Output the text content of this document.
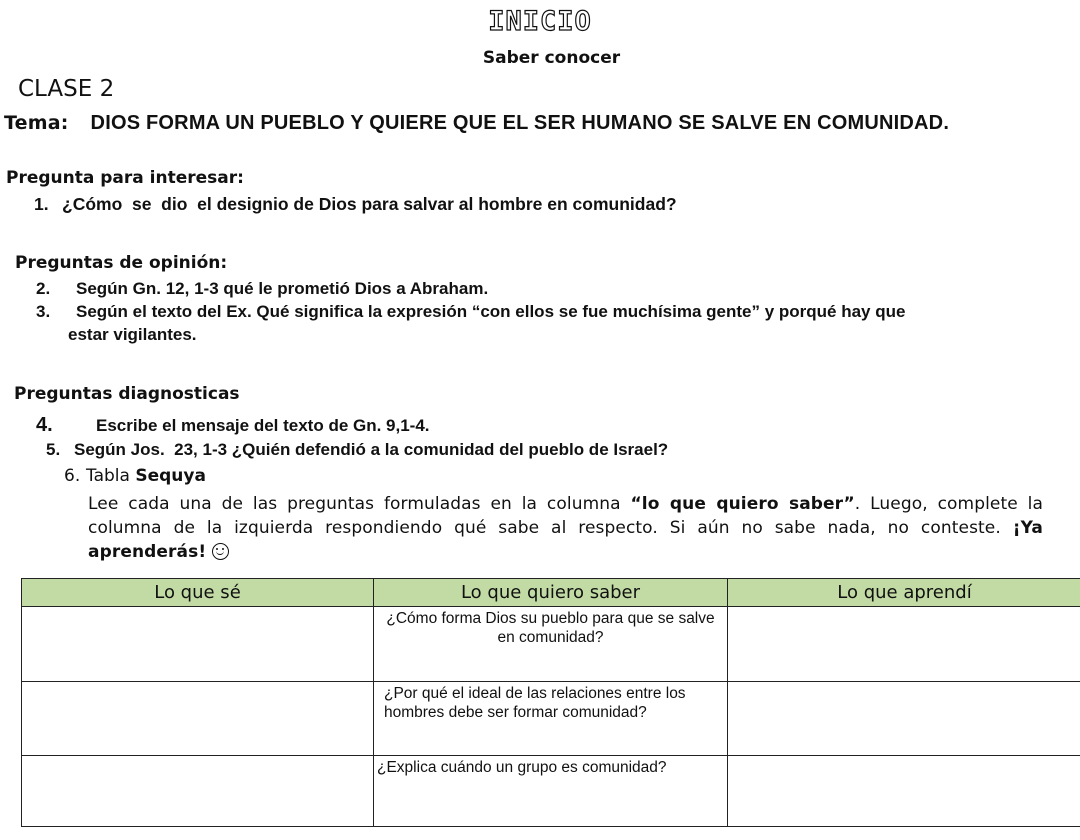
INICIO
Saber conocer
CLASE 2
Tema: DIOS FORMA UN PUEBLO Y QUIERE QUE EL SER HUMANO SE SALVE EN COMUNIDAD.
Pregunta para interesar:
1. ¿Cómo  se  dio  el designio de Dios para salvar al hombre en comunidad?
Preguntas de opinión:
2. Según Gn. 12, 1-3 qué le prometió Dios a Abraham.
3. Según el texto del Ex. Qué significa la expresión “con ellos se fue muchísima gente” y porqué hay que
estar vigilantes.
Preguntas diagnosticas
4.	Escribe el mensaje del texto de Gn. 9,1-4.
5. Según Jos.  23, 1-3 ¿Quién defendió a la comunidad del pueblo de Israel?
6. Tabla Sequya
Lee cada una de las preguntas formuladas en la columna “lo que quiero saber”. Luego, complete la columna de la izquierda respondiendo qué sabe al respecto. Si aún no sabe nada, no conteste. ¡Ya aprenderás!
Lo que sé	Lo que quiero saber	Lo que aprendí
	¿Cómo forma Dios su pueblo para que se salve en comunidad?	
	¿Por qué el ideal de las relaciones entre los hombres debe ser formar comunidad?	
	¿Explica cuándo un grupo es comunidad?	
